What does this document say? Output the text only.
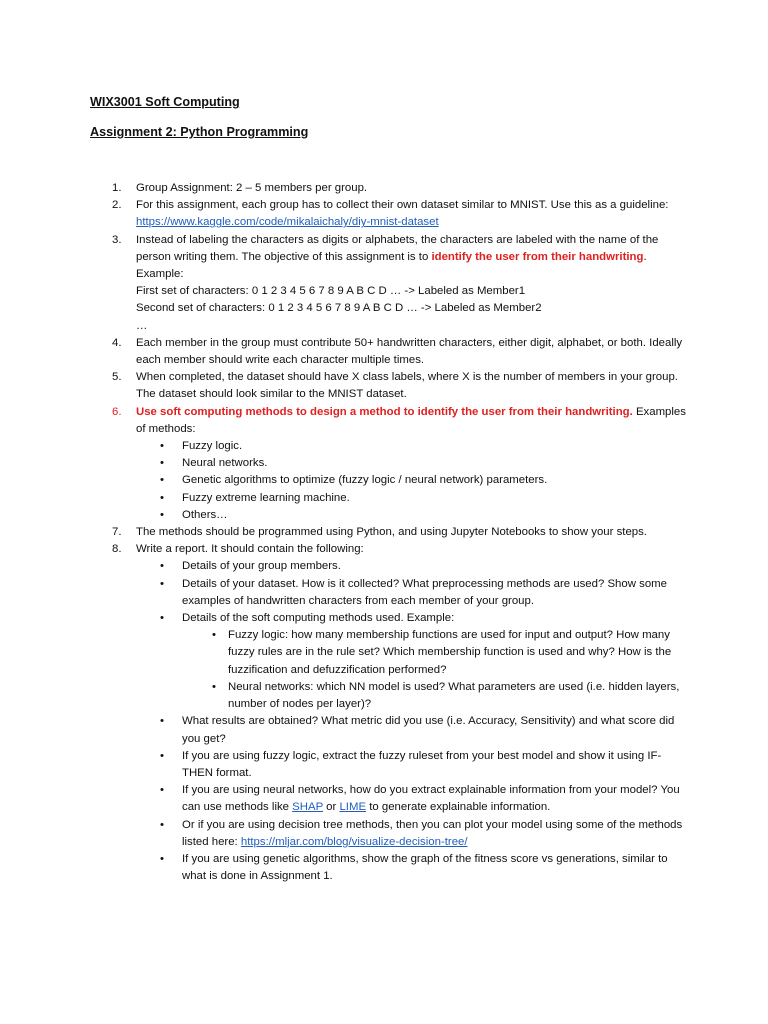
WIX3001 Soft Computing
Assignment 2: Python Programming
1. Group Assignment: 2 – 5 members per group.
2. For this assignment, each group has to collect their own dataset similar to MNIST. Use this as a guideline:
https://www.kaggle.com/code/mikalaichaly/diy-mnist-dataset
3. Instead of labeling the characters as digits or alphabets, the characters are labeled with the name of the person writing them. The objective of this assignment is to identify the user from their handwriting.
Example:
First set of characters: 0 1 2 3 4 5 6 7 8 9 A B C D … -> Labeled as Member1
Second set of characters: 0 1 2 3 4 5 6 7 8 9 A B C D … -> Labeled as Member2
…
4. Each member in the group must contribute 50+ handwritten characters, either digit, alphabet, or both. Ideally each member should write each character multiple times.
5. When completed, the dataset should have X class labels, where X is the number of members in your group. The dataset should look similar to the MNIST dataset.
6. Use soft computing methods to design a method to identify the user from their handwriting. Examples of methods:
• Fuzzy logic.
• Neural networks.
• Genetic algorithms to optimize (fuzzy logic / neural network) parameters.
• Fuzzy extreme learning machine.
• Others…
7. The methods should be programmed using Python, and using Jupyter Notebooks to show your steps.
8. Write a report. It should contain the following:
• Details of your group members.
• Details of your dataset. How is it collected? What preprocessing methods are used? Show some examples of handwritten characters from each member of your group.
• Details of the soft computing methods used. Example:
• Fuzzy logic: how many membership functions are used for input and output? How many fuzzy rules are in the rule set? Which membership function is used and why? How is the fuzzification and defuzzification performed?
• Neural networks: which NN model is used? What parameters are used (i.e. hidden layers, number of nodes per layer)?
• What results are obtained? What metric did you use (i.e. Accuracy, Sensitivity) and what score did you get?
• If you are using fuzzy logic, extract the fuzzy ruleset from your best model and show it using IF-THEN format.
• If you are using neural networks, how do you extract explainable information from your model? You can use methods like SHAP or LIME to generate explainable information.
• Or if you are using decision tree methods, then you can plot your model using some of the methods listed here: https://mljar.com/blog/visualize-decision-tree/
• If you are using genetic algorithms, show the graph of the fitness score vs generations, similar to what is done in Assignment 1.
